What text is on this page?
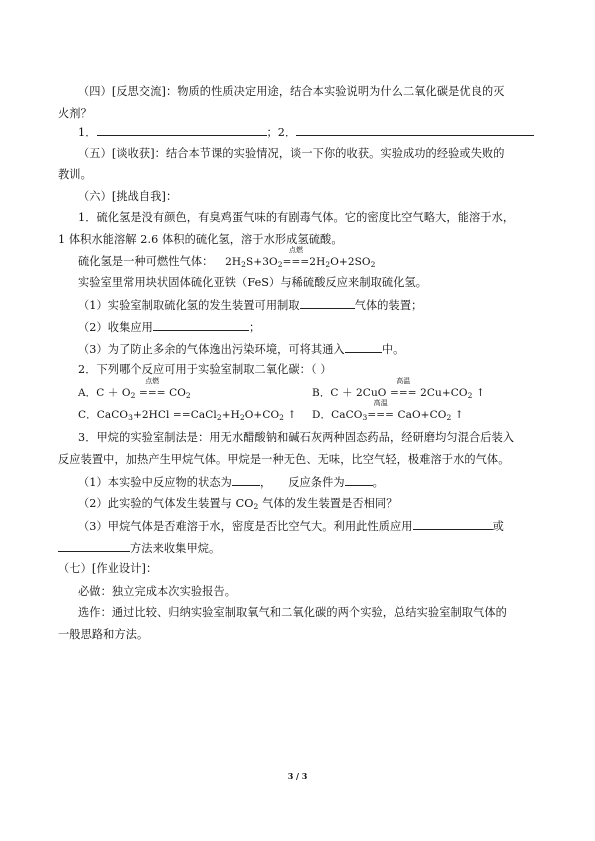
（四）[反思交流]：物质的性质决定用途，结合本实验说明为什么二氧化碳是优良的灭
火剂？
1．	；2．
（五）[谈收获]：结合本节课的实验情况，谈一下你的收获。实验成功的经验或失败的
教训。
（六）[挑战自我]：
1．硫化氢是没有颜色，有臭鸡蛋气味的有剧毒气体。它的密度比空气略大，能溶于水，
1 体积水能溶解 2.6 体积的硫化氢，溶于水形成氢硫酸。
硫化氢是一种可燃性气体： $2H_2S+3O_2$
点燃
$===2H_2O+2SO_2$
实验室里常用块状固体硫化亚铁（FeS）与稀硫酸反应来制取硫化氢。
（1）实验室制取硫化氢的发生装置可用制取	气体的装置；
（2）收集应用	；
（3）为了防止多余的气体逸出污染环境，可将其通入	中。
2．下列哪个反应可用于实验室制取二氧化碳：（ ）
A．$C + O_2$
点燃
=== $CO_2$	B．C ＋ 2CuO
高温
=== $2Cu+CO_2$ ↑
C．CaCO$_3$+2HCl $==CaCl_2+H_2O+CO_2$ ↑ D．CaCO$_3$
高温
=== $CaO+CO_2$ ↑
3．甲烷的实验室制法是：用无水醋酸钠和碱石灰两种固态药品，经研磨均匀混合后装入
反应装置中，加热产生甲烷气体。甲烷是一种无色、无味，比空气轻，极难溶于水的气体。
（1）本实验中反应物的状态为	，　　反应条件为	。
（2）此实验的气体发生装置与 $CO_2$ 气体的发生装置是否相同？
（3）甲烷气体是否难溶于水，密度是否比空气大。利用此性质应用	或
方法来收集甲烷。
（七）[作业设计]：
必做：独立完成本次实验报告。
选作：通过比较、归纳实验室制取氧气和二氧化碳的两个实验，总结实验室制取气体的
一般思路和方法。
3 / 3
